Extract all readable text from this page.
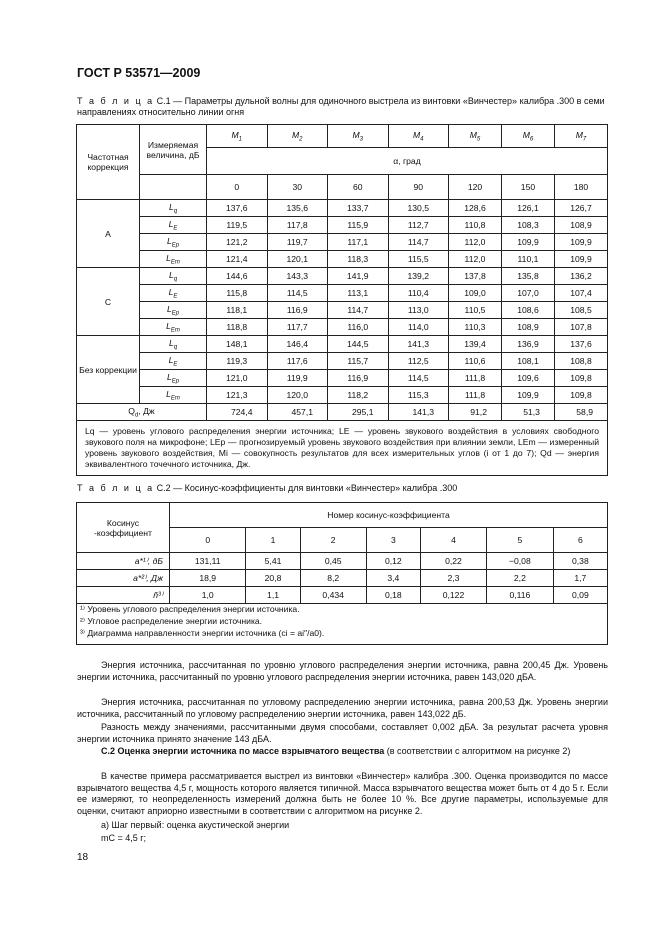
ГОСТ Р 53571—2009
Т а б л и ц а С.1 — Параметры дульной волны для одиночного выстрела из винтовки «Винчестер» калибра .300 в семи направлениях относительно линии огня
Частотная коррекция	Измеряемая величина, дБ	$M_1$	$M_2$	$M_3$	$M_4$	$M_5$	$M_6$	$M_7$
		α, град						
		0	30	60	90	120	150	180
А	$L_q$	137,6	135,6	133,7	130,5	128,6	126,1	126,7
	$L_E$	119,5	117,8	115,9	112,7	110,8	108,3	108,9
	$L_{Ep}$	121,2	119,7	117,1	114,7	112,0	109,9	109,9
	$L_{Em}$	121,4	120,1	118,3	115,5	112,0	110,1	109,9
С	$L_q$	144,6	143,3	141,9	139,2	137,8	135,8	136,2
	$L_E$	115,8	114,5	113,1	110,4	109,0	107,0	107,4
	$L_{Ep}$	118,1	116,9	114,7	113,0	110,5	108,6	108,5
	$L_{Em}$	118,8	117,7	116,0	114,0	110,3	108,9	107,8
Без коррекции	$L_q$	148,1	146,4	144,5	141,3	139,4	136,9	137,6
	$L_E$	119,3	117,6	115,7	112,5	110,6	108,1	108,8
	$L_{Ep}$	121,0	119,9	116,9	114,5	111,8	109,6	109,8
	$L_{Em}$	121,3	120,0	118,2	115,3	111,8	109,9	109,8
$Q_d$, Дж		724,4	457,1	295,1	141,3	91,2	51,3	58,9
Lq — уровень углового распределения энергии источника; LE — уровень звукового воздействия в условиях свободного звукового поля на микрофоне; LEp — прогнозируемый уровень звукового воздействия при влиянии земли, LEm — измеренный уровень звукового воздействия, Mi — совокупность результатов для всех измерительных углов (i от 1 до 7); Qd — энергия эквивалентного точечного источника, Дж.								
Т а б л и ц а С.2 — Косинус-коэффициенты для винтовки «Винчестер» калибра .300
Косинус -коэффициент	Номер косинус-коэффициента						
	0	1	2	3	4	5	6
a*¹⁾, дБ	131,11	5,41	0,45	0,12	0,22	−0,08	0,38
a*²⁾, Дж	18,9	20,8	8,2	3,4	2,3	2,2	1,7
ñ³⁾	1,0	1,1	0,434	0,18	0,122	0,116	0,09

¹⁾ Уровень углового распределения энергии источника.
²⁾ Угловое распределение энергии источника.
³⁾ Диаграмма направленности энергии источника (ci = ai″/a0).
Энергия источника, рассчитанная по уровню углового распределения энергии источника, равна 200,45 Дж. Уровень энергии источника, рассчитанный по уровню углового распределения энергии источника, равен 143,020 дБА.
Энергия источника, рассчитанная по угловому распределению энергии источника, равна 200,53 Дж. Уровень энергии источника, рассчитанный по угловому распределению энергии источника, равен 143,022 дБ.
Разность между значениями, рассчитанными двумя способами, составляет 0,002 дБА. За результат расчета уровня энергии источника принято значение 143 дБА.
С.2 Оценка энергии источника по массе взрывчатого вещества (в соответствии с алгоритмом на рисунке 2)
В качестве примера рассматривается выстрел из винтовки «Винчестер» калибра .300. Оценка производится по массе взрывчатого вещества 4,5 г, мощность которого является типичной. Масса взрывчатого вещества может быть от 4 до 5 г. Если ее измеряют, то неопределенность измерений должна быть не более 10 %. Все другие параметры, используемые для оценки, считают априорно известными в соответствии с алгоритмом на рисунке 2.
а) Шаг первый: оценка акустической энергии
mC = 4,5 г;
18
